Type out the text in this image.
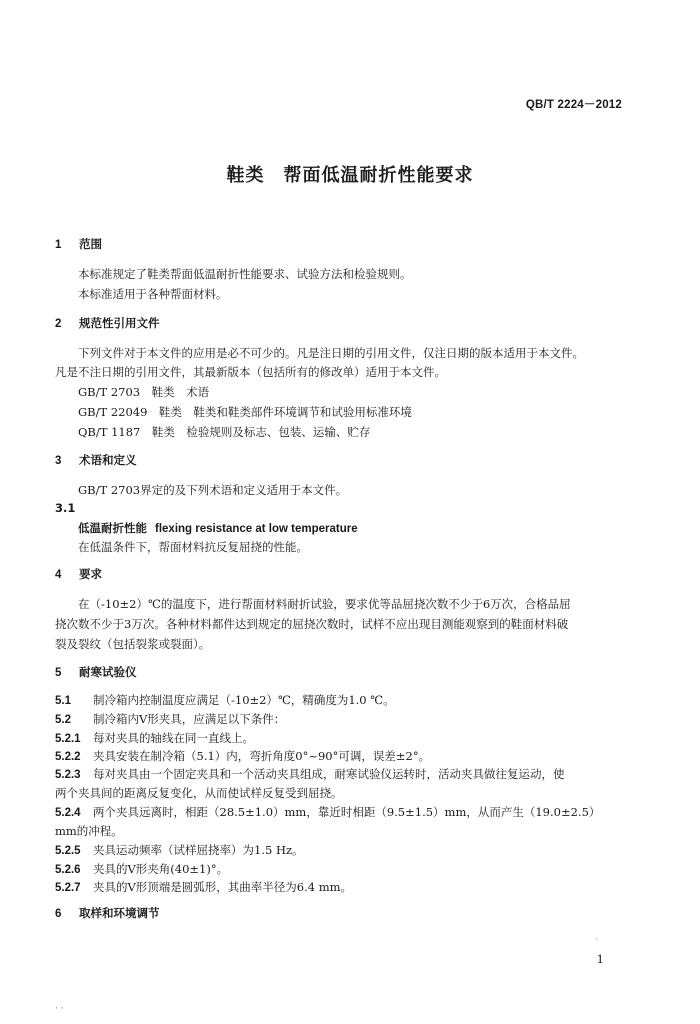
QB/T 2224－2012
鞋类　帮面低温耐折性能要求
1 范围
本标准规定了鞋类帮面低温耐折性能要求、试验方法和检验规则。
本标准适用于各种帮面材料。
2 规范性引用文件
下列文件对于本文件的应用是必不可少的。凡是注日期的引用文件，仅注日期的版本适用于本文件。
凡是不注日期的引用文件，其最新版本（包括所有的修改单）适用于本文件。
GB/T 2703　鞋类　术语
GB/T 22049　鞋类　鞋类和鞋类部件环境调节和试验用标准环境
QB/T 1187　鞋类　检验规则及标志、包装、运输、贮存
3 术语和定义
GB/T 2703界定的及下列术语和定义适用于本文件。
3.1
低温耐折性能 flexing resistance at low temperature
在低温条件下，帮面材料抗反复屈挠的性能。
4 要求
在（-10±2）℃的温度下，进行帮面材料耐折试验，要求优等品屈挠次数不少于6万次，合格品屈
挠次数不少于3万次。各种材料都件达到规定的屈挠次数时，试样不应出现目测能观察到的鞋面材料破
裂及裂纹（包括裂浆或裂面）。
5 耐寒试验仪
5.1 制冷箱内控制温度应满足（-10±2）℃，精确度为1.0 ℃。
5.2 制冷箱内V形夹具，应满足以下条件：
5.2.1 每对夹具的轴线在同一直线上。
5.2.2 夹具安装在制冷箱（5.1）内，弯折角度0°~90°可调，误差±2°。
5.2.3 每对夹具由一个固定夹具和一个活动夹具组成，耐寒试验仪运转时，活动夹具做往复运动，使
两个夹具间的距离反复变化，从而使试样反复受到屈挠。
5.2.4 两个夹具远离时，相距（28.5±1.0）mm，靠近时相距（9.5±1.5）mm，从而产生（19.0±2.5）
mm的冲程。
5.2.5 夹具运动频率（试样屈挠率）为1.5 Hz。
5.2.6 夹具的V形夹角(40±1)°。
5.2.7 夹具的V形顶端是圆弧形，其曲率半径为6.4 mm。
6 取样和环境调节
·
1
· ·
